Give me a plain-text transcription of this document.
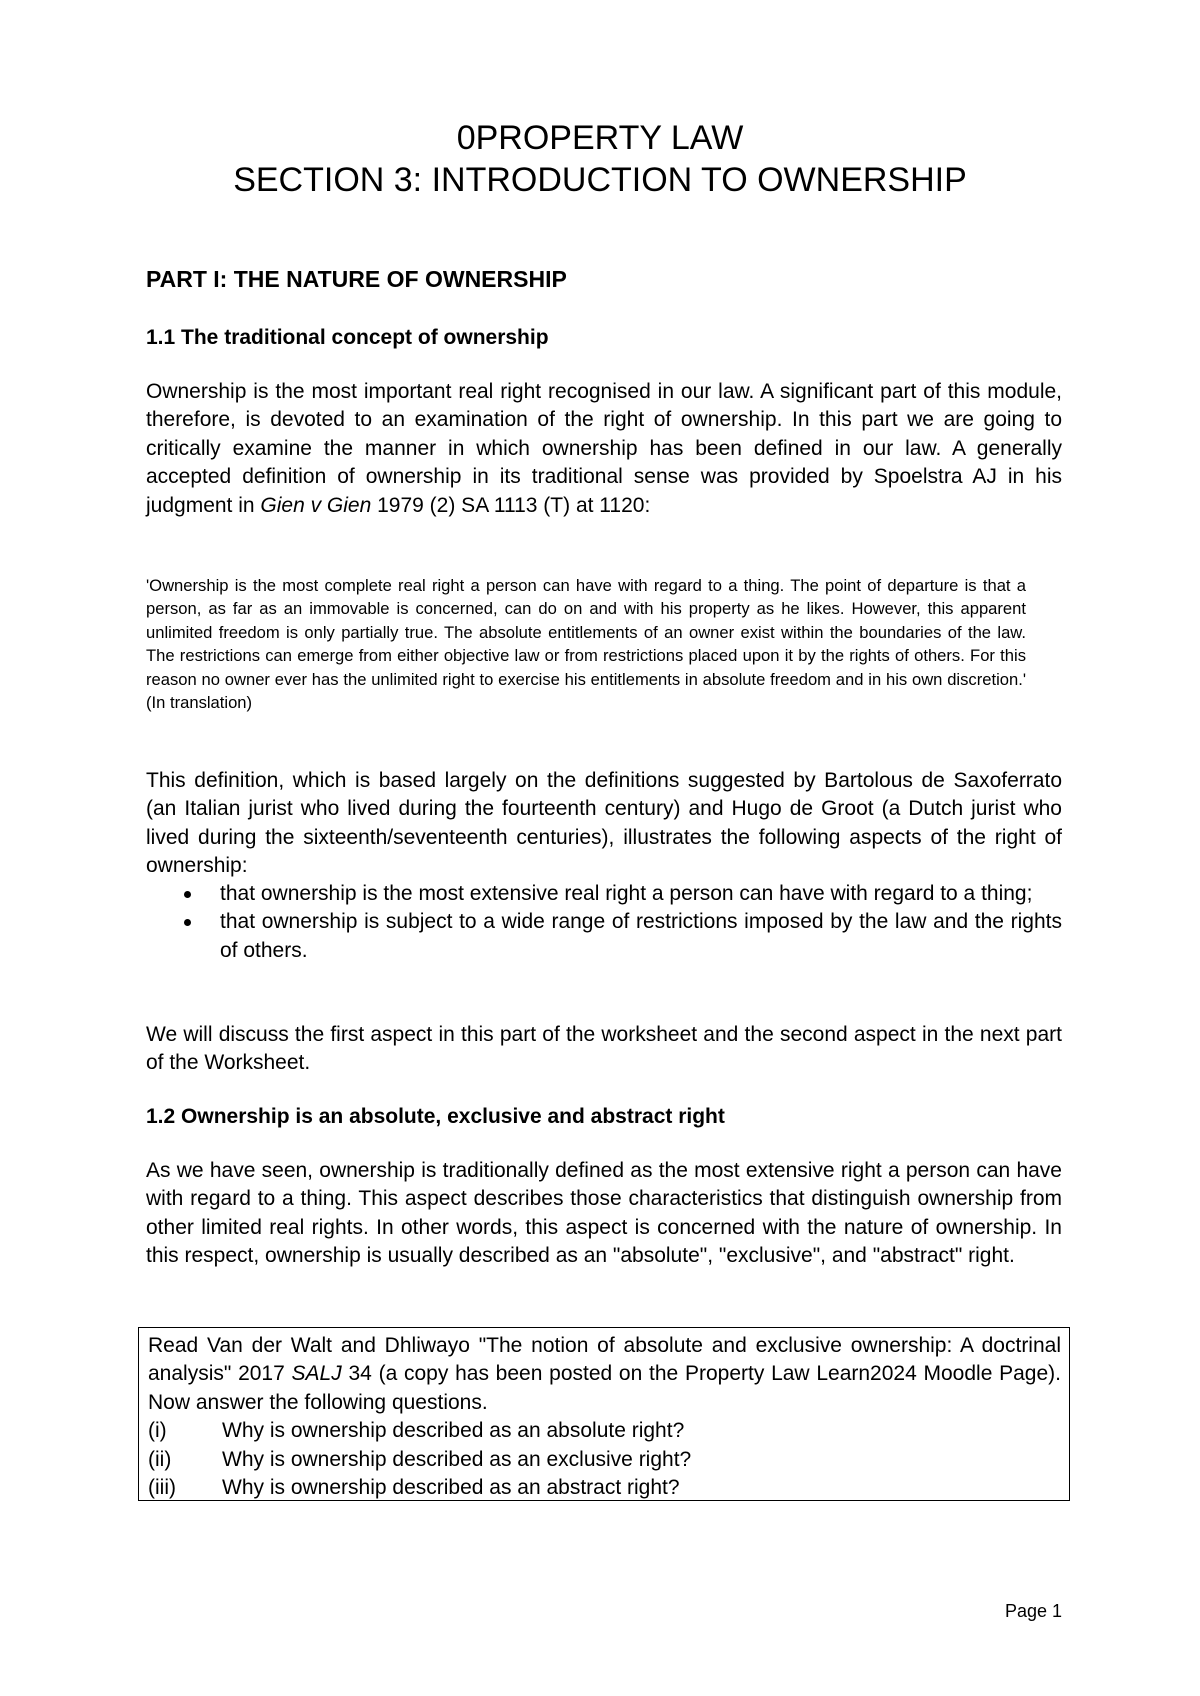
0PROPERTY LAW
SECTION 3: INTRODUCTION TO OWNERSHIP
PART I: THE NATURE OF OWNERSHIP
1.1 The traditional concept of ownership

Ownership is the most important real right recognised in our law. A significant part of this module, therefore, is devoted to an examination of the right of ownership. In this part we are going to critically examine the manner in which ownership has been defined in our law. A generally accepted definition of ownership in its traditional sense was provided by Spoelstra AJ in his judgment in Gien v Gien 1979 (2) SA 1113 (T) at 1120:

'Ownership is the most complete real right a person can have with regard to a thing. The point of departure is that a person, as far as an immovable is concerned, can do on and with his property as he likes. However, this apparent unlimited freedom is only partially true. The absolute entitlements of an owner exist within the boundaries of the law. The restrictions can emerge from either objective law or from restrictions placed upon it by the rights of others. For this reason no owner ever has the unlimited right to exercise his entitlements in absolute freedom and in his own discretion.' (In translation)

This definition, which is based largely on the definitions suggested by Bartolous de Saxoferrato (an Italian jurist who lived during the fourteenth century) and Hugo de Groot (a Dutch jurist who lived during the sixteenth/seventeenth centuries), illustrates the following aspects of the right of ownership:

that ownership is the most extensive real right a person can have with regard to a thing;
that ownership is subject to a wide range of restrictions imposed by the law and the rights of others.

We will discuss the first aspect in this part of the worksheet and the second aspect in the next part of the Worksheet.

1.2 Ownership is an absolute, exclusive and abstract right

As we have seen, ownership is traditionally defined as the most extensive right a person can have with regard to a thing. This aspect describes those characteristics that distinguish ownership from other limited real rights. In other words, this aspect is concerned with the nature of ownership. In this respect, ownership is usually described as an "absolute", "exclusive", and "abstract" right.

Read Van der Walt and Dhliwayo "The notion of absolute and exclusive ownership: A doctrinal analysis" 2017 SALJ 34 (a copy has been posted on the Property Law Learn2024 Moodle Page). Now answer the following questions.

(i)	Why is ownership described as an absolute right?
(ii)	Why is ownership described as an exclusive right?
(iii)	Why is ownership described as an abstract right?
Page 1
